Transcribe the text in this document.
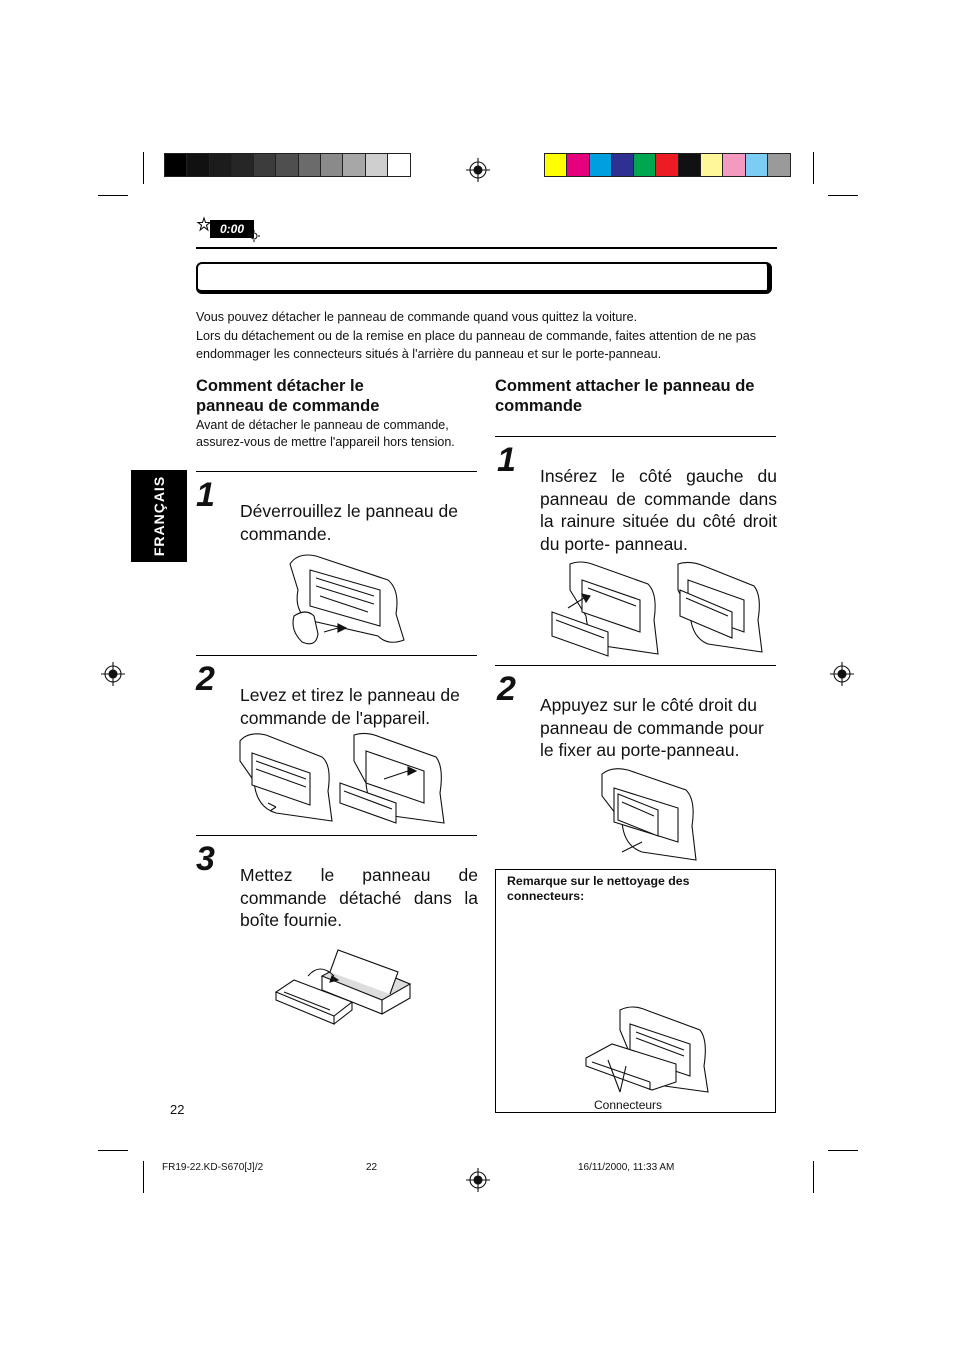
0:00
Vous pouvez détacher le panneau de commande quand vous quittez la voiture.
Lors du détachement ou de la remise en place du panneau de commande, faites attention de ne pas endommager les connecteurs situés à l'arrière du panneau et sur le porte-panneau.
FRANÇAIS
Comment détacher le panneau de commande
Avant de détacher le panneau de commande, assurez-vous de mettre l'appareil hors tension.
1 Déverrouillez le panneau de commande.
2 Levez et tirez le panneau de commande de l'appareil.
3 Mettez le panneau de commande détaché dans la boîte fournie.
Comment attacher le panneau de commande
1 Insérez le côté gauche du panneau de commande dans la rainure située du côté droit du porte- panneau.
2 Appuyez sur le côté droit du panneau de commande pour le fixer au porte-panneau.
Remarque sur le nettoyage des connecteurs:
Connecteurs
22
FR19-22.KD-S670[J]/2	22	16/11/2000, 11:33 AM
